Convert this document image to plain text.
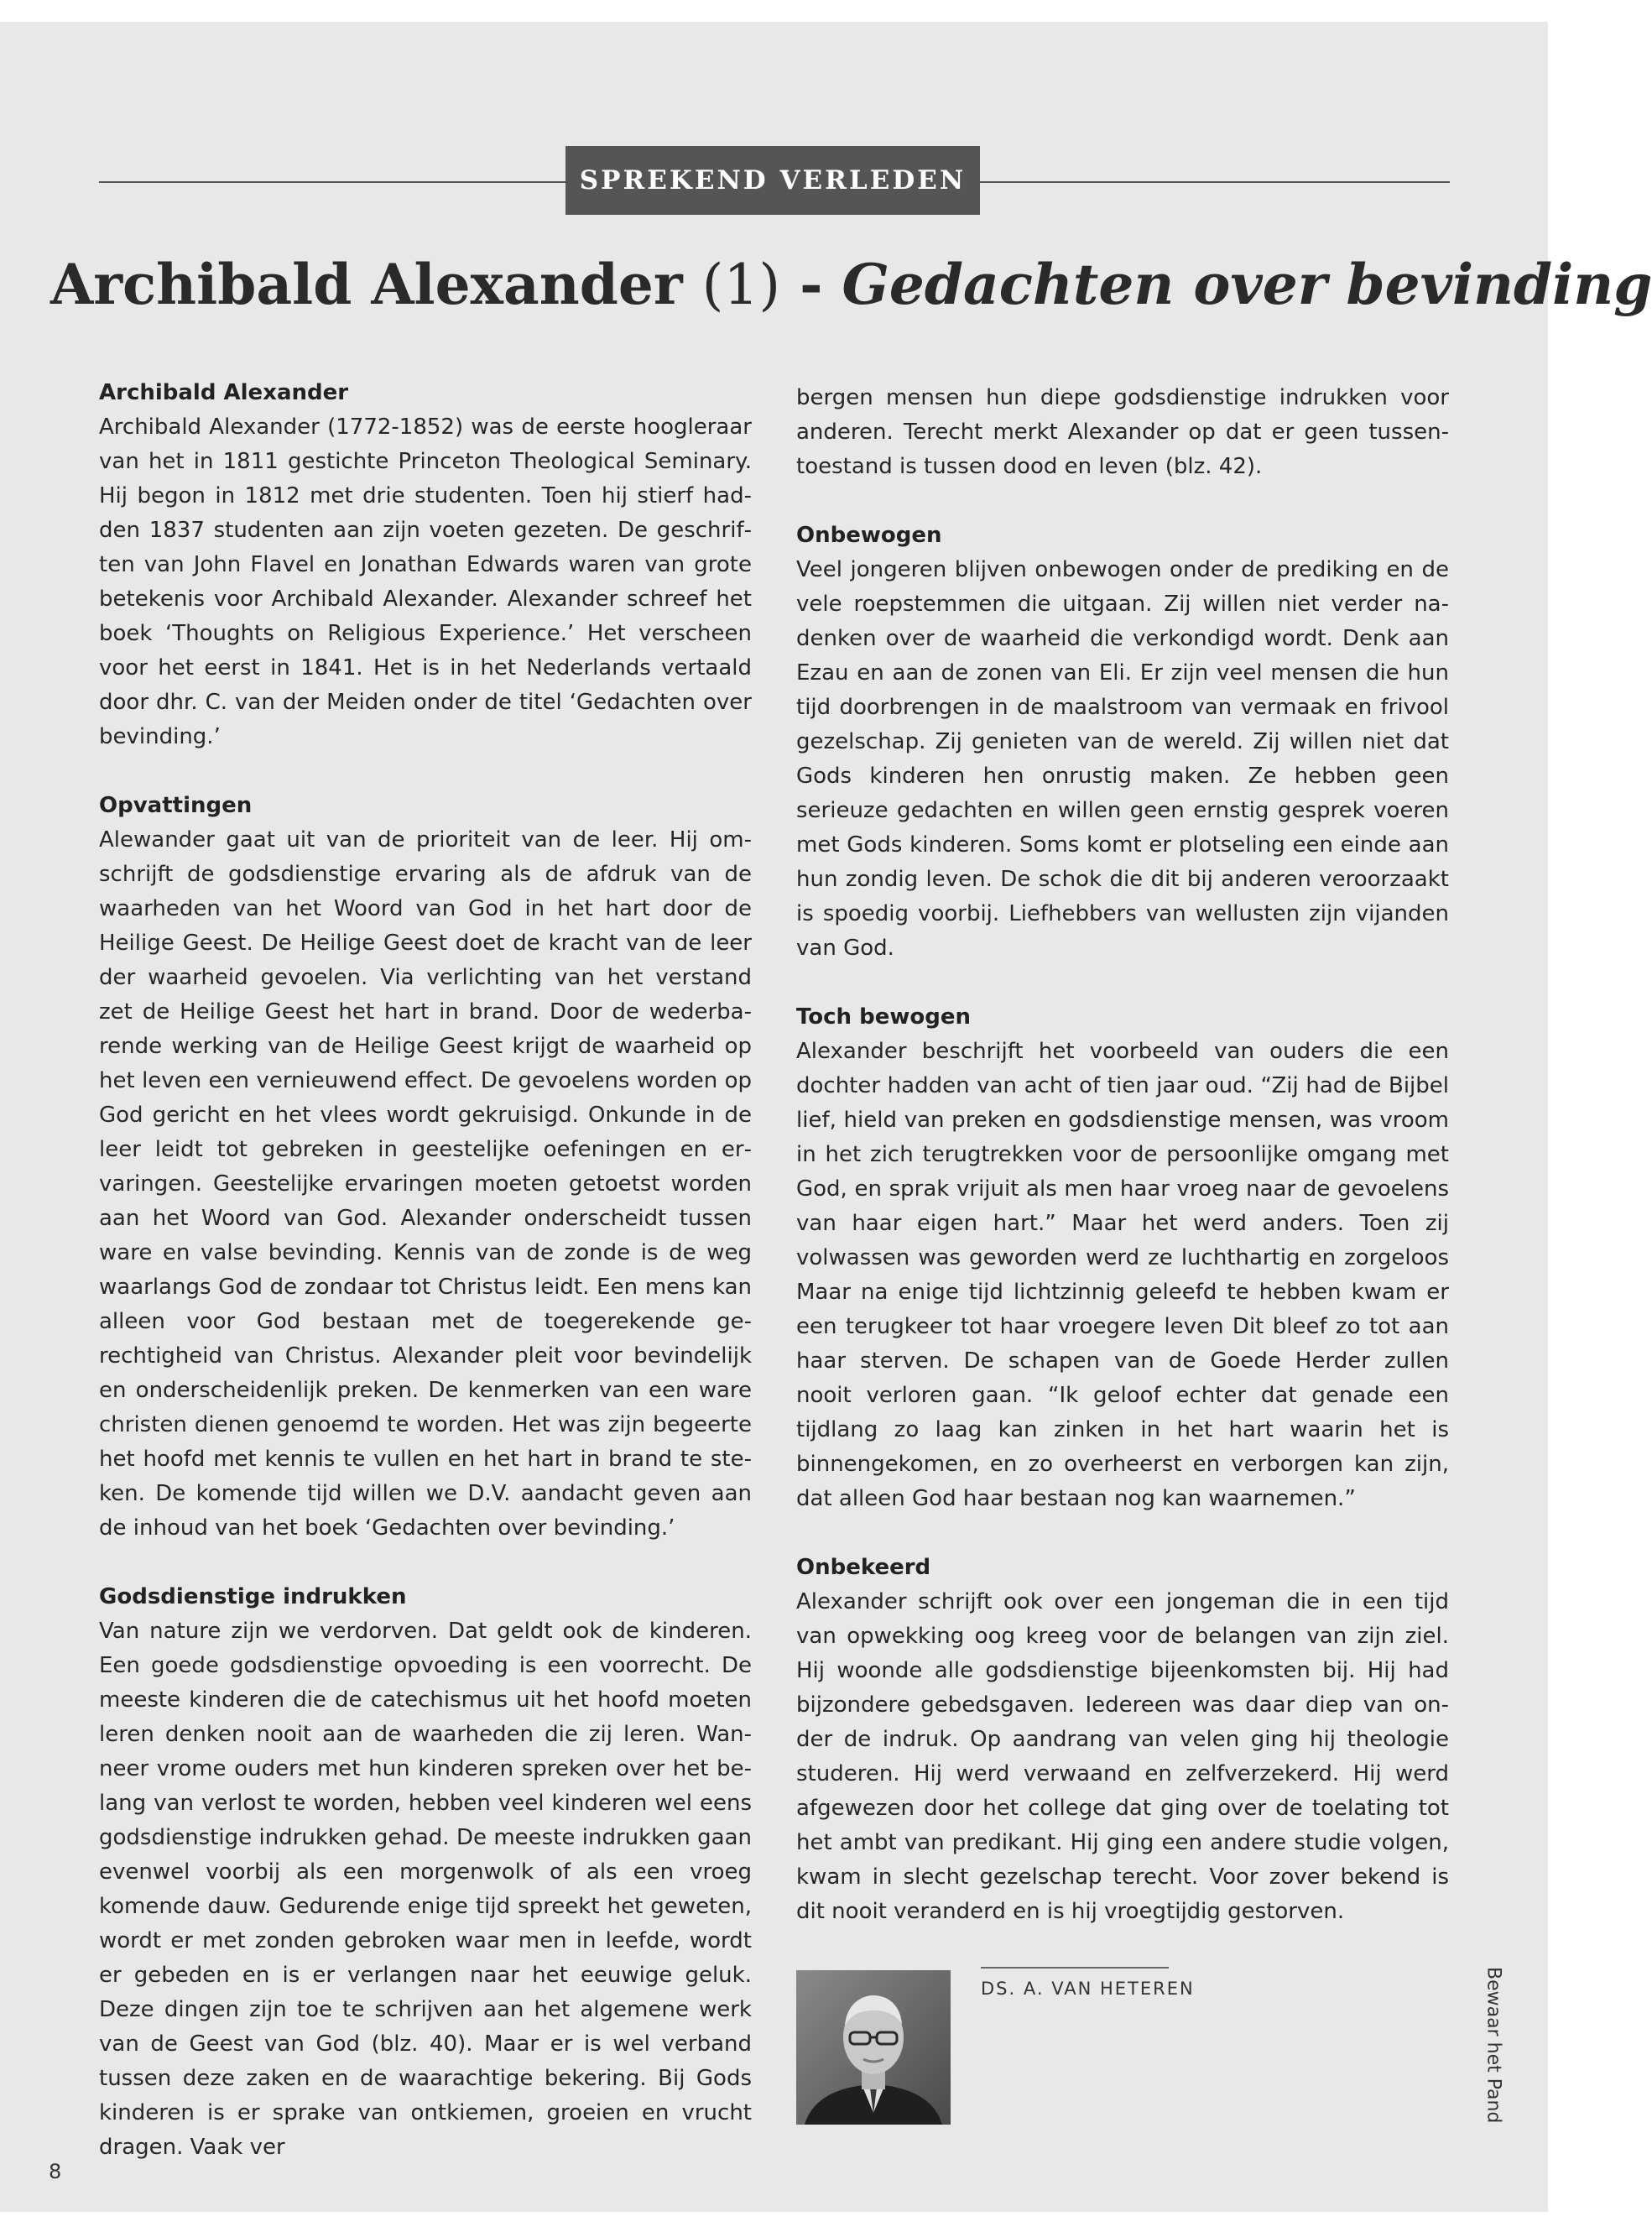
SPREKEND VERLEDEN
Archibald Alexander (1) - Gedachten over bevinding
Archibald Alexander

Archibald Alexander (1772-1852) was de eerste hoogleraar van het in 1811 gestichte Princeton Theological Seminary. Hij begon in 1812 met drie studenten. Toen hij stierf hadden 1837 studenten aan zijn voeten gezeten. De geschriften van John Flavel en Jonathan Edwards waren van grote betekenis voor Archibald Alexander. Alexander schreef het boek ‘Thoughts on Religious Experience.’ Het verscheen voor het eerst in 1841. Het is in het Nederlands vertaald door dhr. C. van der Meiden onder de titel ‘Gedachten over bevinding.’

Opvattingen

Alewander gaat uit van de prioriteit van de leer. Hij omschrijft de godsdienstige ervaring als de afdruk van de waarheden van het Woord van God in het hart door de Heilige Geest. De Heilige Geest doet de kracht van de leer der waarheid gevoelen. Via verlichting van het verstand zet de Heilige Geest het hart in brand. Door de wederbarende werking van de Heilige Geest krijgt de waarheid op het leven een vernieuwend effect. De gevoelens worden op God gericht en het vlees wordt gekruisigd. Onkunde in de leer leidt tot gebreken in geestelijke oefeningen en ervaringen. Geestelijke ervaringen moeten getoetst worden aan het Woord van God. Alexander onderscheidt tussen ware en valse bevinding. Kennis van de zonde is de weg waarlangs God de zondaar tot Christus leidt. Een mens kan alleen voor God bestaan met de toegerekende gerechtigheid van Christus. Alexander pleit voor bevindelijk en onderscheidenlijk preken. De kenmerken van een ware christen dienen genoemd te worden. Het was zijn begeerte het hoofd met kennis te vullen en het hart in brand te steken. De komende tijd willen we D.V. aandacht geven aan de inhoud van het boek ‘Gedachten over bevinding.’

Godsdienstige indrukken

Van nature zijn we verdorven. Dat geldt ook de kinderen. Een goede godsdienstige opvoeding is een voorrecht. De meeste kinderen die de catechismus uit het hoofd moeten leren denken nooit aan de waarheden die zij leren. Wanneer vrome ouders met hun kinderen spreken over het belang van verlost te worden, hebben veel kinderen wel eens godsdienstige indrukken gehad. De meeste indrukken gaan evenwel voorbij als een morgenwolk of als een vroeg komende dauw. Gedurende enige tijd spreekt het geweten, wordt er met zonden gebroken waar men in leefde, wordt er gebeden en is er verlangen naar het eeuwige geluk. Deze dingen zijn toe te schrijven aan het algemene werk van de Geest van God (blz. 40). Maar er is wel verband tussen deze zaken en de waarachtige bekering. Bij Gods kinderen is er sprake van ontkiemen, groeien en vrucht dragen. Vaak ver

bergen mensen hun diepe godsdienstige indrukken voor anderen. Terecht merkt Alexander op dat er geen tussentoestand is tussen dood en leven (blz. 42).

Onbewogen

Veel jongeren blijven onbewogen onder de prediking en de vele roepstemmen die uitgaan. Zij willen niet verder nadenken over de waarheid die verkondigd wordt. Denk aan Ezau en aan de zonen van Eli. Er zijn veel mensen die hun tijd doorbrengen in de maalstroom van vermaak en frivool gezelschap. Zij genieten van de wereld. Zij willen niet dat Gods kinderen hen onrustig maken. Ze hebben geen serieuze gedachten en willen geen ernstig gesprek voeren met Gods kinderen. Soms komt er plotseling een einde aan hun zondig leven. De schok die dit bij anderen veroorzaakt is spoedig voorbij. Liefhebbers van wellusten zijn vijanden van God.

Toch bewogen

Alexander beschrijft het voorbeeld van ouders die een dochter hadden van acht of tien jaar oud. “Zij had de Bijbel lief, hield van preken en godsdienstige mensen, was vroom in het zich terugtrekken voor de persoonlijke omgang met God, en sprak vrijuit als men haar vroeg naar de gevoelens van haar eigen hart.” Maar het werd anders. Toen zij volwassen was geworden werd ze luchthartig en zorgeloos Maar na enige tijd lichtzinnig geleefd te hebben kwam er een terugkeer tot haar vroegere leven Dit bleef zo tot aan haar sterven. De schapen van de Goede Herder zullen nooit verloren gaan. “Ik geloof echter dat genade een tijdlang zo laag kan zinken in het hart waarin het is binnengekomen, en zo overheerst en verborgen kan zijn, dat alleen God haar bestaan nog kan waarnemen.”

Onbekeerd

Alexander schrijft ook over een jongeman die in een tijd van opwekking oog kreeg voor de belangen van zijn ziel. Hij woonde alle godsdienstige bijeenkomsten bij. Hij had bijzondere gebedsgaven. Iedereen was daar diep van onder de indruk. Op aandrang van velen ging hij theologie studeren. Hij werd verwaand en zelfverzekerd. Hij werd afgewezen door het college dat ging over de toelating tot het ambt van predikant. Hij ging een andere studie volgen, kwam in slecht gezelschap terecht. Voor zover bekend is dit nooit veranderd en is hij vroegtijdig gestorven.

DS. A. VAN HETEREN	Bewaar het Pand
8
